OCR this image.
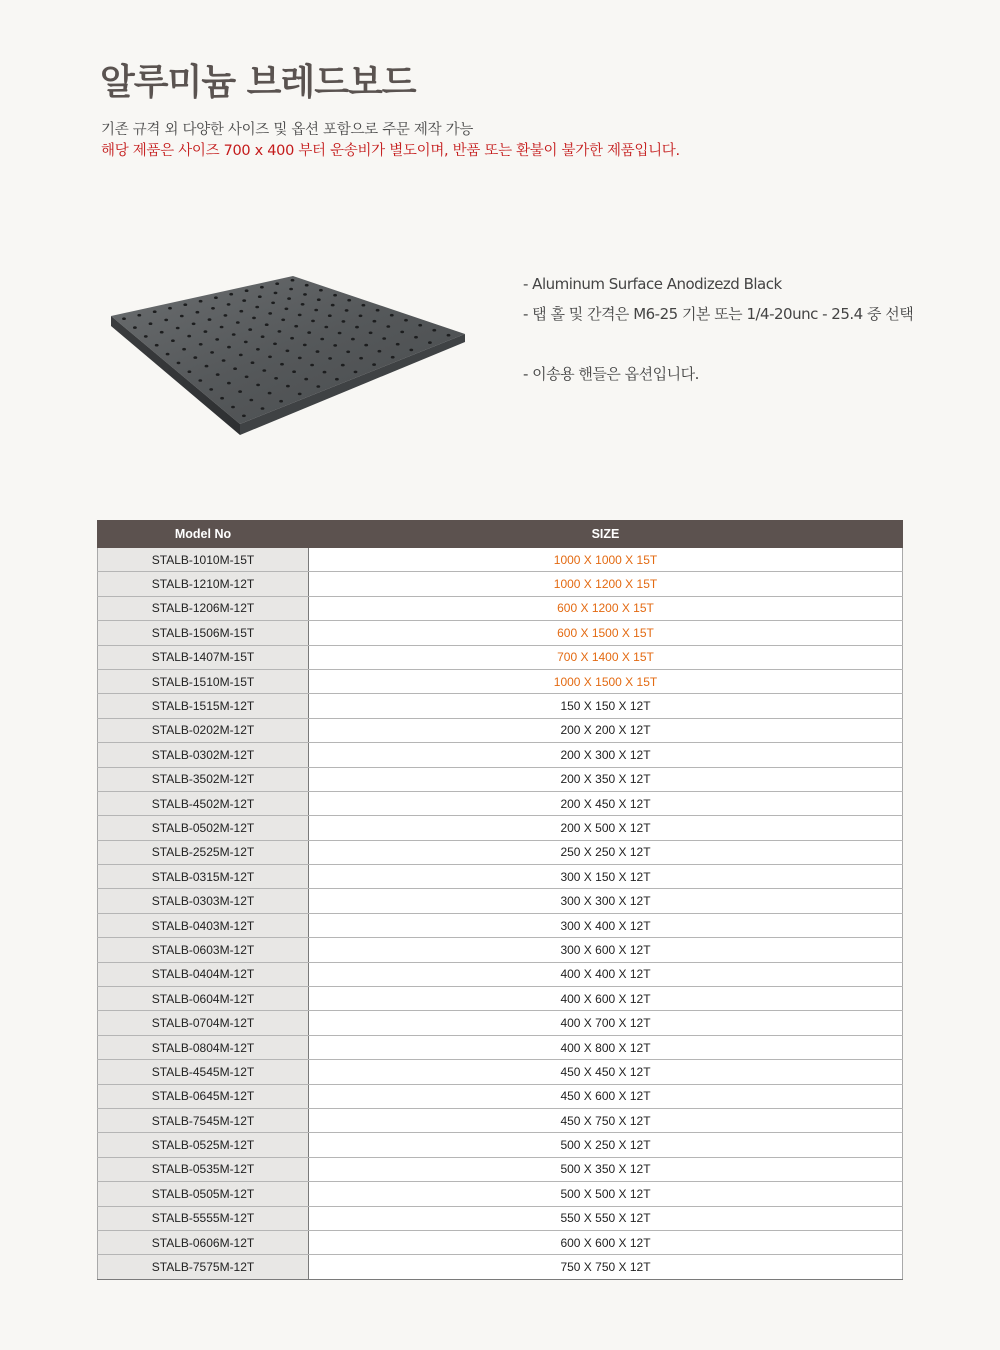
알루미늄 브레드보드
기존 규격 외 다양한 사이즈 및 옵션 포함으로 주문 제작 가능
해당 제품은 사이즈 700 x 400 부터 운송비가 별도이며, 반품 또는 환불이 불가한 제품입니다.
- Aluminum Surface Anodizezd Black
- 탭 홀 및 간격은 M6-25 기본 또는 1/4-20unc - 25.4 중 선택
- 이송용 핸들은 옵션입니다.
Model No	SIZE
STALB-1010M-15T	1000 X 1000 X 15T
STALB-1210M-12T	1000 X 1200 X 15T
STALB-1206M-12T	600 X 1200 X 15T
STALB-1506M-15T	600 X 1500 X 15T
STALB-1407M-15T	700 X 1400 X 15T
STALB-1510M-15T	1000 X 1500 X 15T
STALB-1515M-12T	150 X 150 X 12T
STALB-0202M-12T	200 X 200 X 12T
STALB-0302M-12T	200 X 300 X 12T
STALB-3502M-12T	200 X 350 X 12T
STALB-4502M-12T	200 X 450 X 12T
STALB-0502M-12T	200 X 500 X 12T
STALB-2525M-12T	250 X 250 X 12T
STALB-0315M-12T	300 X 150 X 12T
STALB-0303M-12T	300 X 300 X 12T
STALB-0403M-12T	300 X 400 X 12T
STALB-0603M-12T	300 X 600 X 12T
STALB-0404M-12T	400 X 400 X 12T
STALB-0604M-12T	400 X 600 X 12T
STALB-0704M-12T	400 X 700 X 12T
STALB-0804M-12T	400 X 800 X 12T
STALB-4545M-12T	450 X 450 X 12T
STALB-0645M-12T	450 X 600 X 12T
STALB-7545M-12T	450 X 750 X 12T
STALB-0525M-12T	500 X 250 X 12T
STALB-0535M-12T	500 X 350 X 12T
STALB-0505M-12T	500 X 500 X 12T
STALB-5555M-12T	550 X 550 X 12T
STALB-0606M-12T	600 X 600 X 12T
STALB-7575M-12T	750 X 750 X 12T
